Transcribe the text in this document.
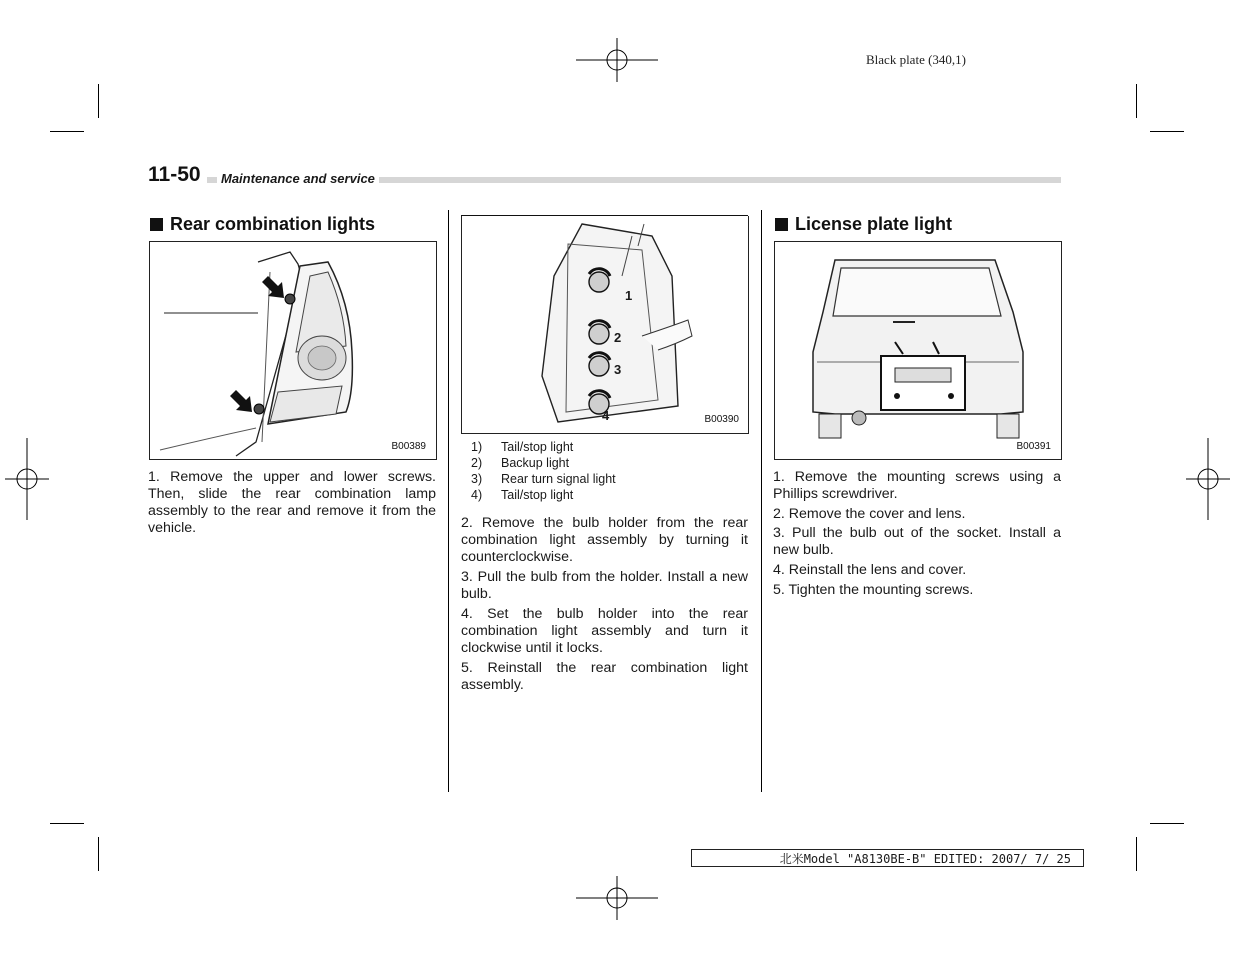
Black plate (340,1)
11-50	Maintenance and service
Rear combination lights
B00389
1. Remove the upper and lower screws. Then, slide the rear combination lamp assembly to the rear and remove it from the vehicle.
1
2
3
4	B00390
1) Tail/stop light
2) Backup light
3) Rear turn signal light
4) Tail/stop light
2. Remove the bulb holder from the rear combination light assembly by turning it counterclockwise.
3. Pull the bulb from the holder. Install a new bulb.
4. Set the bulb holder into the rear combination light assembly and turn it clockwise until it locks.
5. Reinstall the rear combination light assembly.
License plate light
B00391
1. Remove the mounting screws using a Phillips screwdriver.
2. Remove the cover and lens.
3. Pull the bulb out of the socket. Install a new bulb.
4. Reinstall the lens and cover.
5. Tighten the mounting screws.
北米Model "A8130BE-B" EDITED: 2007/ 7/ 25
